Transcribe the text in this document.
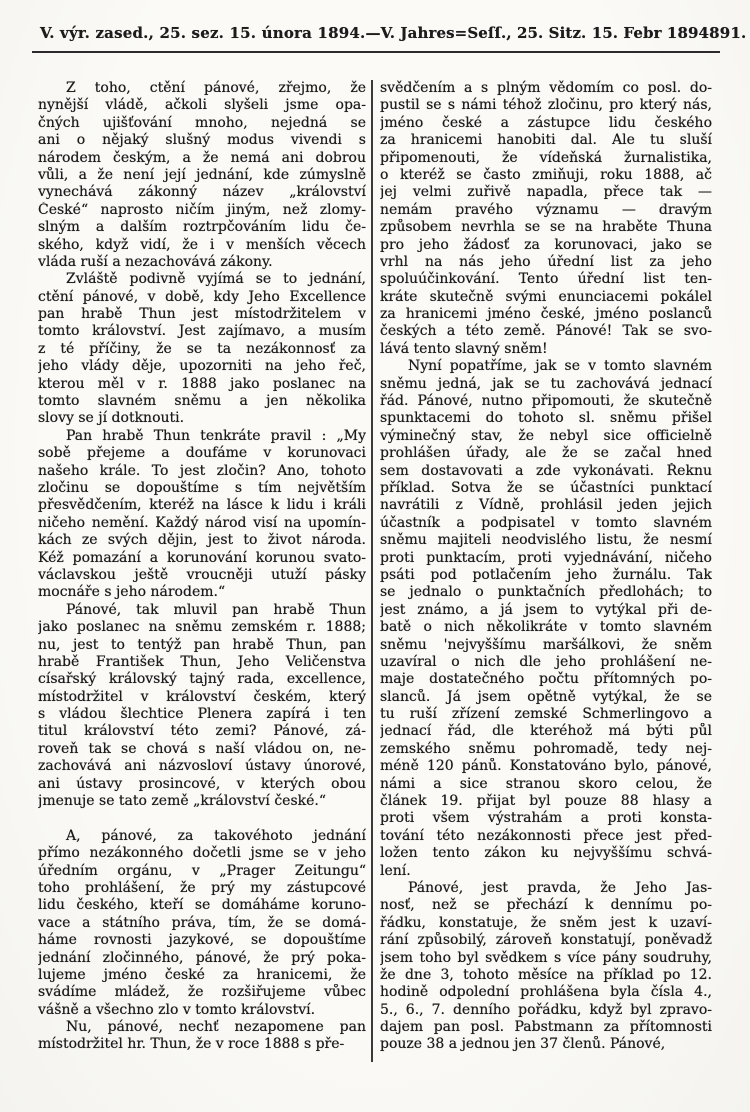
V. výr. zased., 25. sez. 15. února 1894. — V. Jahres=Seſſ., 25. Sitz. 15. Febr 1894 891.
Z toho, ctění pánové, zřejmo, že
nynější vládě, ačkoli slyšeli jsme opa-
čných ujišťování mnoho, nejedná se
ani o nějaký slušný modus vivendi s
národem českým, a že nemá ani dobrou
vůli, a že není její jednání, kde zúmyslně
vynechává zákonný název „království
České“ naprosto ničím jiným, než zlomy-
slným a dalším roztrpčováním lidu če-
ského, když vidí, že i v menších věcech
vláda ruší a nezachovává zákony.
Zvláště podivně vyjímá se to jednání,
ctění pánové, v době, kdy Jeho Excellence
pan hrabě Thun jest místodržitelem v
tomto království. Jest zajímavo, a musím
z té příčiny, že se ta nezákonnosť za
jeho vlády děje, upozorniti na jeho řeč,
kterou měl v r. 1888 jako poslanec na
tomto slavném sněmu a jen několika
slovy se jí dotknouti.
Pan hrabě Thun tenkráte pravil : „My
sobě přejeme a doufáme v korunovaci
našeho krále. To jest zločin? Ano, tohoto
zločinu se dopouštíme s tím největším
přesvědčením, kteréž na lásce k lidu i králi
ničeho nemění. Každý národ visí na upomín-
kách ze svých dějin, jest to život národa.
Kéž pomazání a korunování korunou svato-
václavskou ještě vroucněji utuží pásky
mocnáře s jeho národem.“
Pánové, tak mluvil pan hrabě Thun
jako poslanec na sněmu zemském r. 1888;
nu, jest to tentýž pan hrabě Thun, pan
hrabě František Thun, Jeho Veličenstva
císařský královský tajný rada, excellence,
místodržitel v království českém, který
s vládou šlechtice Plenera zapírá i ten
titul království této zemi? Pánové, zá-
roveň tak se chová s naší vládou on, ne-
zachovává ani názvosloví ústavy únorové,
ani ústavy prosincové, v kterých obou
jmenuje se tato země „království české.“
A, pánové, za takovéhoto jednání
přímo nezákonného dočetli jsme se v jeho
úředním orgánu, v „Prager Zeitungu“
toho prohlášení, že prý my zástupcové
lidu českého, kteří se domáháme koruno-
vace a státního práva, tím, že se domá-
háme rovnosti jazykové, se dopouštíme
jednání zločinného, pánové, že prý poka-
lujeme jméno české za hranicemi, že
svádíme mládež, že rozšiřujeme vůbec
vášně a všechno zlo v tomto království.
Nu, pánové, nechť nezapomene pan
místodržitel hr. Thun, že v roce 1888 s pře-
svědčením a s plným vědomím co posl. do-
pustil se s námi téhož zločinu, pro který nás,
jméno české a zástupce lidu českého
za hranicemi hanobiti dal. Ale tu sluší
připomenouti, že vídeňská žurnalistika,
o kteréž se často zmiňuji, roku 1888, ač
jej velmi zuřivě napadla, přece tak —
nemám pravého významu — dravým
způsobem nevrhla se se na hraběte Thuna
pro jeho žádosť za korunovaci, jako se
vrhl na nás jeho úřední list za jeho
spoluúčinkování. Tento úřední list ten-
kráte skutečně svými enunciacemi pokálel
za hranicemi jméno české, jméno poslanců
českých a této země. Pánové! Tak se svo-
lává tento slavný sněm!
Nyní popatříme, jak se v tomto slavném
sněmu jedná, jak se tu zachovává jednací
řád. Pánové, nutno připomouti, že skutečně
spunktacemi do tohoto sl. sněmu přišel
výminečný stav, že nebyl sice officielně
prohlášen úřady, ale že se začal hned
sem dostavovati a zde vykonávati. Řeknu
příklad. Sotva že se účastníci punktací
navrátili z Vídně, prohlásil jeden jejich
účastník a podpisatel v tomto slavném
sněmu majiteli neodvislého listu, že nesmí
proti punktacím, proti vyjednávání, ničeho
psáti pod potlačením jeho žurnálu. Tak
se jednalo o punktačních předlohách; to
jest známo, a já jsem to vytýkal při de-
batě o nich několikráte v tomto slavném
sněmu 'nejvyššímu maršálkovi, že sněm
uzavíral o nich dle jeho prohlášení ne-
maje dostatečného počtu přítomných po-
slanců. Já jsem opětně vytýkal, že se
tu ruší zřízení zemské Schmerlingovo a
jednací řád, dle kteréhož má býti půl
zemského sněmu pohromadě, tedy nej-
méně 120 pánů. Konstatováno bylo, pánové,
námi a sice stranou skoro celou, že
článek 19. přijat byl pouze 88 hlasy a
proti všem výstrahám a proti konsta-
tování této nezákonnosti přece jest před-
ložen tento zákon ku nejvyššímu schvá-
lení.
Pánové, jest pravda, že Jeho Jas-
nosť, než se přechází k dennímu po-
řádku, konstatuje, že sněm jest k uzaví-
rání způsobilý, zároveň konstatují, poněvadž
jsem toho byl svědkem s více pány soudruhy,
že dne 3, tohoto měsíce na příklad po 12.
hodině odpolední prohlášena byla čísla 4.,
5., 6., 7. denního pořádku, když byl zpravo-
dajem pan posl. Pabstmann za přítomnosti
pouze 38 a jednou jen 37 členů. Pánové,
